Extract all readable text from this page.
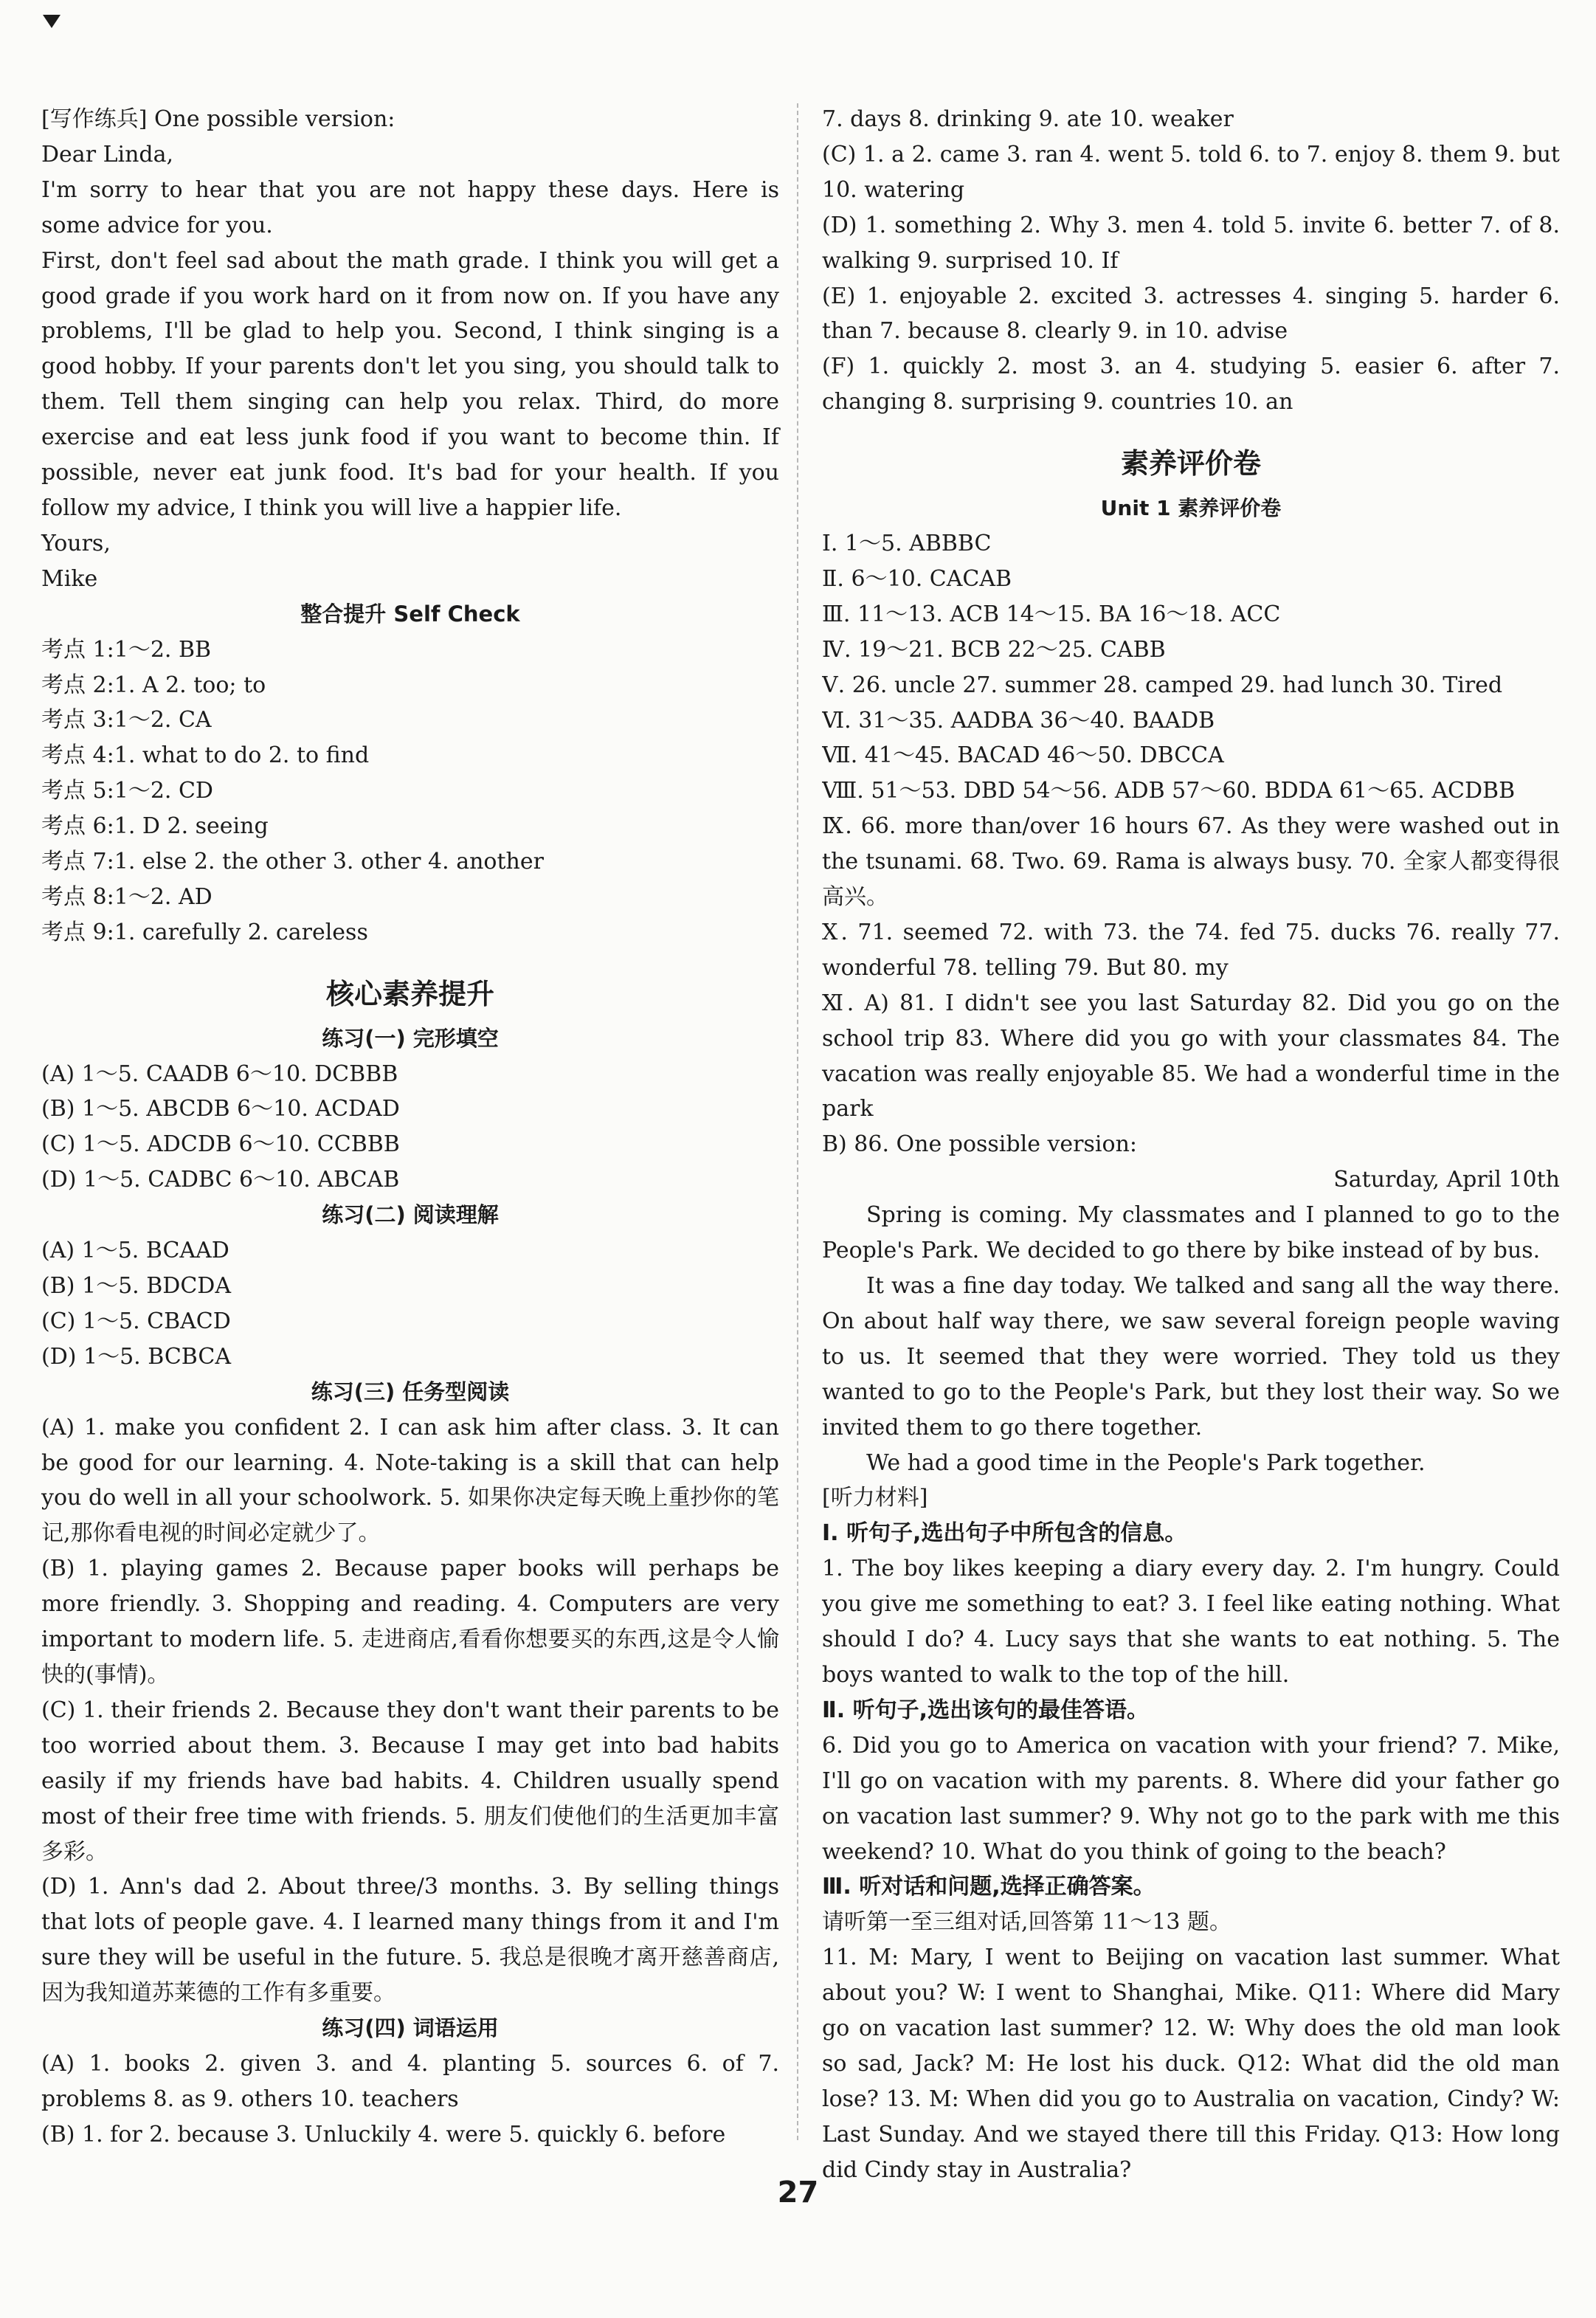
[写作练兵] One possible version:

Dear Linda,

I'm sorry to hear that you are not happy these days. Here is some advice for you.

First, don't feel sad about the math grade. I think you will get a good grade if you work hard on it from now on. If you have any problems, I'll be glad to help you. Second, I think singing is a good hobby. If your parents don't let you sing, you should talk to them. Tell them singing can help you relax. Third, do more exercise and eat less junk food if you want to become thin. If possible, never eat junk food. It's bad for your health. If you follow my advice, I think you will live a happier life.

Yours,

Mike

整合提升 Self Check

考点 1:1～2. BB

考点 2:1. A 2. too; to

考点 3:1～2. CA

考点 4:1. what to do 2. to find

考点 5:1～2. CD

考点 6:1. D 2. seeing

考点 7:1. else 2. the other 3. other 4. another

考点 8:1～2. AD

考点 9:1. carefully 2. careless

核心素养提升

练习(一) 完形填空

(A) 1～5. CAADB 6～10. DCBBB

(B) 1～5. ABCDB 6～10. ACDAD

(C) 1～5. ADCDB 6～10. CCBBB

(D) 1～5. CADBC 6～10. ABCAB

练习(二) 阅读理解

(A) 1～5. BCAAD

(B) 1～5. BDCDA

(C) 1～5. CBACD

(D) 1～5. BCBCA

练习(三) 任务型阅读

(A) 1. make you confident 2. I can ask him after class. 3. It can be good for our learning. 4. Note-taking is a skill that can help you do well in all your schoolwork. 5. 如果你决定每天晚上重抄你的笔记,那你看电视的时间必定就少了。

(B) 1. playing games 2. Because paper books will perhaps be more friendly. 3. Shopping and reading. 4. Computers are very important to modern life. 5. 走进商店,看看你想要买的东西,这是令人愉快的(事情)。

(C) 1. their friends 2. Because they don't want their parents to be too worried about them. 3. Because I may get into bad habits easily if my friends have bad habits. 4. Children usually spend most of their free time with friends. 5. 朋友们使他们的生活更加丰富多彩。

(D) 1. Ann's dad 2. About three/3 months. 3. By selling things that lots of people gave. 4. I learned many things from it and I'm sure they will be useful in the future. 5. 我总是很晚才离开慈善商店,因为我知道苏莱德的工作有多重要。

练习(四) 词语运用

(A) 1. books 2. given 3. and 4. planting 5. sources 6. of 7. problems 8. as 9. others 10. teachers

(B) 1. for 2. because 3. Unluckily 4. were 5. quickly 6. before

7. days 8. drinking 9. ate 10. weaker

(C) 1. a 2. came 3. ran 4. went 5. told 6. to 7. enjoy 8. them 9. but 10. watering

(D) 1. something 2. Why 3. men 4. told 5. invite 6. better 7. of 8. walking 9. surprised 10. If

(E) 1. enjoyable 2. excited 3. actresses 4. singing 5. harder 6. than 7. because 8. clearly 9. in 10. advise

(F) 1. quickly 2. most 3. an 4. studying 5. easier 6. after 7. changing 8. surprising 9. countries 10. an

素养评价卷

Unit 1 素养评价卷

Ⅰ. 1～5. ABBBC

Ⅱ. 6～10. CACAB

Ⅲ. 11～13. ACB 14～15. BA 16～18. ACC

Ⅳ. 19～21. BCB 22～25. CABB

Ⅴ. 26. uncle 27. summer 28. camped 29. had lunch 30. Tired

Ⅵ. 31～35. AADBA 36～40. BAADB

Ⅶ. 41～45. BACAD 46～50. DBCCA

Ⅷ. 51～53. DBD 54～56. ADB 57～60. BDDA 61～65. ACDBB

Ⅸ. 66. more than/over 16 hours 67. As they were washed out in the tsunami. 68. Two. 69. Rama is always busy. 70. 全家人都变得很高兴。

Ⅹ. 71. seemed 72. with 73. the 74. fed 75. ducks 76. really 77. wonderful 78. telling 79. But 80. my

Ⅺ. A) 81. I didn't see you last Saturday 82. Did you go on the school trip 83. Where did you go with your classmates 84. The vacation was really enjoyable 85. We had a wonderful time in the park

B) 86. One possible version:

Saturday, April 10th

Spring is coming. My classmates and I planned to go to the People's Park. We decided to go there by bike instead of by bus.

It was a fine day today. We talked and sang all the way there. On about half way there, we saw several foreign people waving to us. It seemed that they were worried. They told us they wanted to go to the People's Park, but they lost their way. So we invited them to go there together.

We had a good time in the People's Park together.

[听力材料]

Ⅰ. 听句子,选出句子中所包含的信息。

1. The boy likes keeping a diary every day. 2. I'm hungry. Could you give me something to eat? 3. I feel like eating nothing. What should I do? 4. Lucy says that she wants to eat nothing. 5. The boys wanted to walk to the top of the hill.

Ⅱ. 听句子,选出该句的最佳答语。

6. Did you go to America on vacation with your friend? 7. Mike, I'll go on vacation with my parents. 8. Where did your father go on vacation last summer? 9. Why not go to the park with me this weekend? 10. What do you think of going to the beach?

Ⅲ. 听对话和问题,选择正确答案。

请听第一至三组对话,回答第 11～13 题。

11. M: Mary, I went to Beijing on vacation last summer. What about you? W: I went to Shanghai, Mike. Q11: Where did Mary go on vacation last summer? 12. W: Why does the old man look so sad, Jack? M: He lost his duck. Q12: What did the old man lose? 13. M: When did you go to Australia on vacation, Cindy? W: Last Sunday. And we stayed there till this Friday. Q13: How long did Cindy stay in Australia?

27
